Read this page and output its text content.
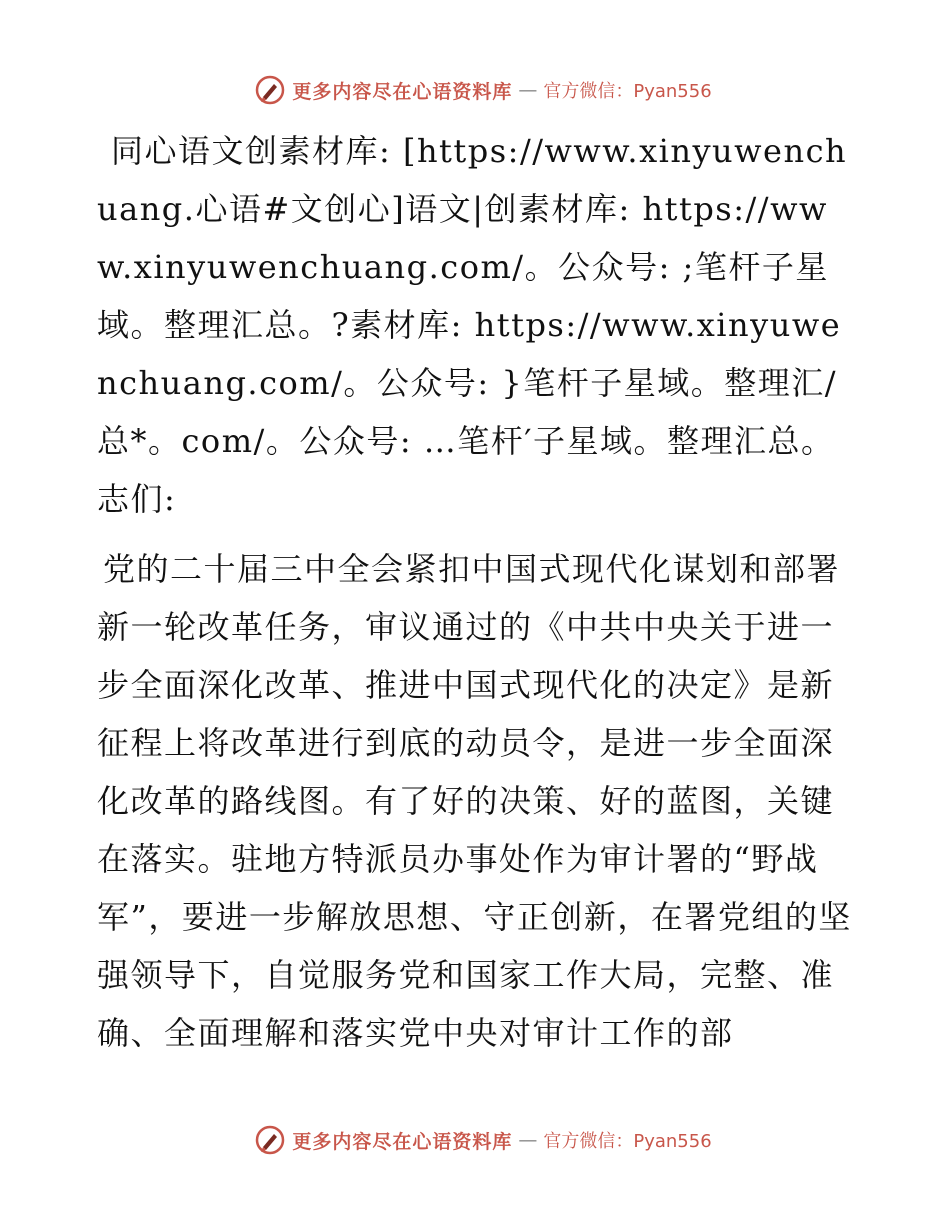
更多内容尽在心语资料库 — 官方微信：Pyan556

同心语文创素材库: [https://www.xinyuwenchuang.心语#文创心]语文|创素材库: https://www.xinyuwenchuang.com/。公众号: ;笔杆子星域。整理汇总。?素材库: https://www.xinyuwenchuang.com/。公众号: }笔杆子星域。整理汇/总*。com/。公众号: …笔杆′子星域。整理汇总。志们:

党的二十届三中全会紧扣中国式现代化谋划和部署新一轮改革任务，审议通过的《中共中央关于进一步全面深化改革、推进中国式现代化的决定》是新征程上将改革进行到底的动员令，是进一步全面深化改革的路线图。有了好的决策、好的蓝图，关键在落实。驻地方特派员办事处作为审计署的“野战军”，要进一步解放思想、守正创新，在署党组的坚强领导下，自觉服务党和国家工作大局，完整、准确、全面理解和落实党中央对审计工作的部

更多内容尽在心语资料库 — 官方微信：Pyan556
